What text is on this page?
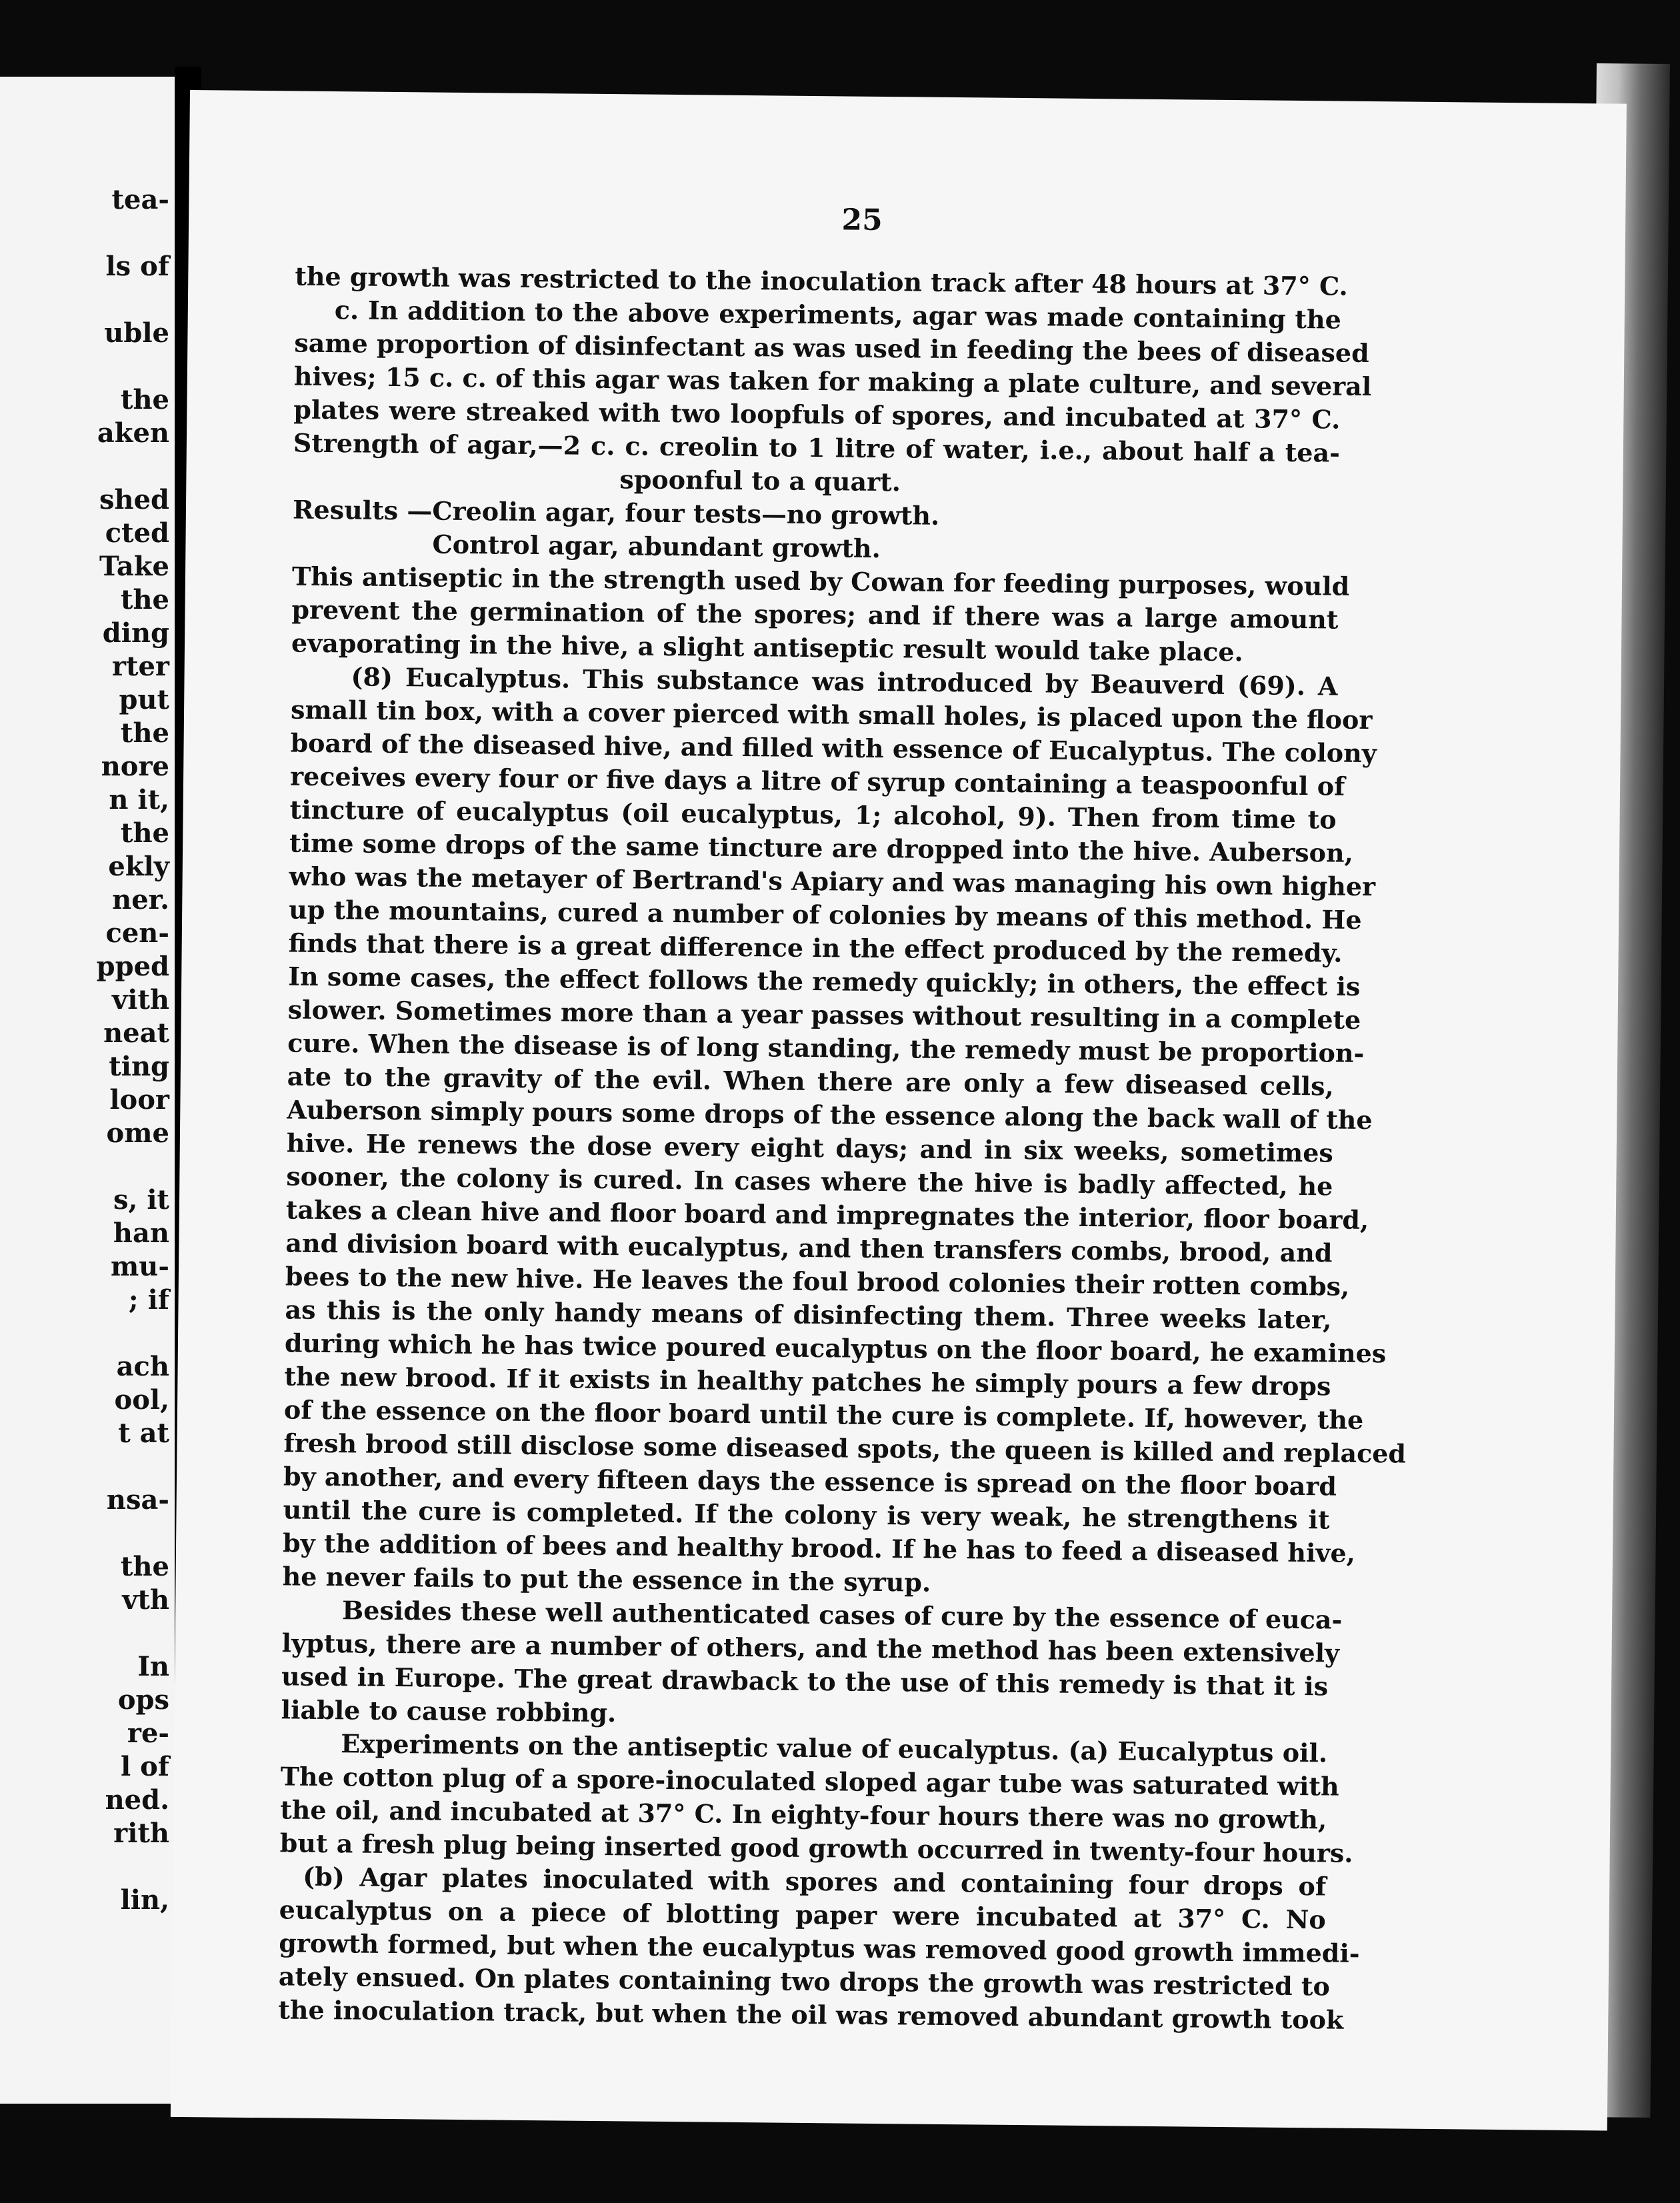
tea-
ls of
uble
the
aken
shed
cted
Take
the
ding
rter
put
the
nore
n it,
the
ekly
ner.
cen-
pped
vith
neat
ting
loor
ome
s, it
han
mu-
; if
ach
ool,
t at
nsa-
the
vth
In
ops
re-
l of
ned.
rith
lin,
25
the growth was restricted to the inoculation track after 48 hours at 37° C.
c. In addition to the above experiments, agar was made containing the
same proportion of disinfectant as was used in feeding the bees of diseased
hives; 15 c. c. of this agar was taken for making a plate culture, and several
plates were streaked with two loopfuls of spores, and incubated at 37° C.
Strength of agar,—2 c. c. creolin to 1 litre of water, i.e., about half a tea-
spoonful to a quart.
Results —Creolin agar, four tests—no growth.
Control agar, abundant growth.
This antiseptic in the strength used by Cowan for feeding purposes, would
prevent the germination of the spores; and if there was a large amount
evaporating in the hive, a slight antiseptic result would take place.
(8) Eucalyptus. This substance was introduced by Beauverd (69). A
small tin box, with a cover pierced with small holes, is placed upon the floor
board of the diseased hive, and filled with essence of Eucalyptus. The colony
receives every four or five days a litre of syrup containing a teaspoonful of
tincture of eucalyptus (oil eucalyptus, 1; alcohol, 9). Then from time to
time some drops of the same tincture are dropped into the hive. Auberson,
who was the metayer of Bertrand's Apiary and was managing his own higher
up the mountains, cured a number of colonies by means of this method. He
finds that there is a great difference in the effect produced by the remedy.
In some cases, the effect follows the remedy quickly; in others, the effect is
slower. Sometimes more than a year passes without resulting in a complete
cure. When the disease is of long standing, the remedy must be proportion-
ate to the gravity of the evil. When there are only a few diseased cells,
Auberson simply pours some drops of the essence along the back wall of the
hive. He renews the dose every eight days; and in six weeks, sometimes
sooner, the colony is cured. In cases where the hive is badly affected, he
takes a clean hive and floor board and impregnates the interior, floor board,
and division board with eucalyptus, and then transfers combs, brood, and
bees to the new hive. He leaves the foul brood colonies their rotten combs,
as this is the only handy means of disinfecting them. Three weeks later,
during which he has twice poured eucalyptus on the floor board, he examines
the new brood. If it exists in healthy patches he simply pours a few drops
of the essence on the floor board until the cure is complete. If, however, the
fresh brood still disclose some diseased spots, the queen is killed and replaced
by another, and every fifteen days the essence is spread on the floor board
until the cure is completed. If the colony is very weak, he strengthens it
by the addition of bees and healthy brood. If he has to feed a diseased hive,
he never fails to put the essence in the syrup.
Besides these well authenticated cases of cure by the essence of euca-
lyptus, there are a number of others, and the method has been extensively
used in Europe. The great drawback to the use of this remedy is that it is
liable to cause robbing.
Experiments on the antiseptic value of eucalyptus. (a) Eucalyptus oil.
The cotton plug of a spore-inoculated sloped agar tube was saturated with
the oil, and incubated at 37° C. In eighty-four hours there was no growth,
but a fresh plug being inserted good growth occurred in twenty-four hours.
(b) Agar plates inoculated with spores and containing four drops of
eucalyptus on a piece of blotting paper were incubated at 37° C. No
growth formed, but when the eucalyptus was removed good growth immedi-
ately ensued. On plates containing two drops the growth was restricted to
the inoculation track, but when the oil was removed abundant growth took
